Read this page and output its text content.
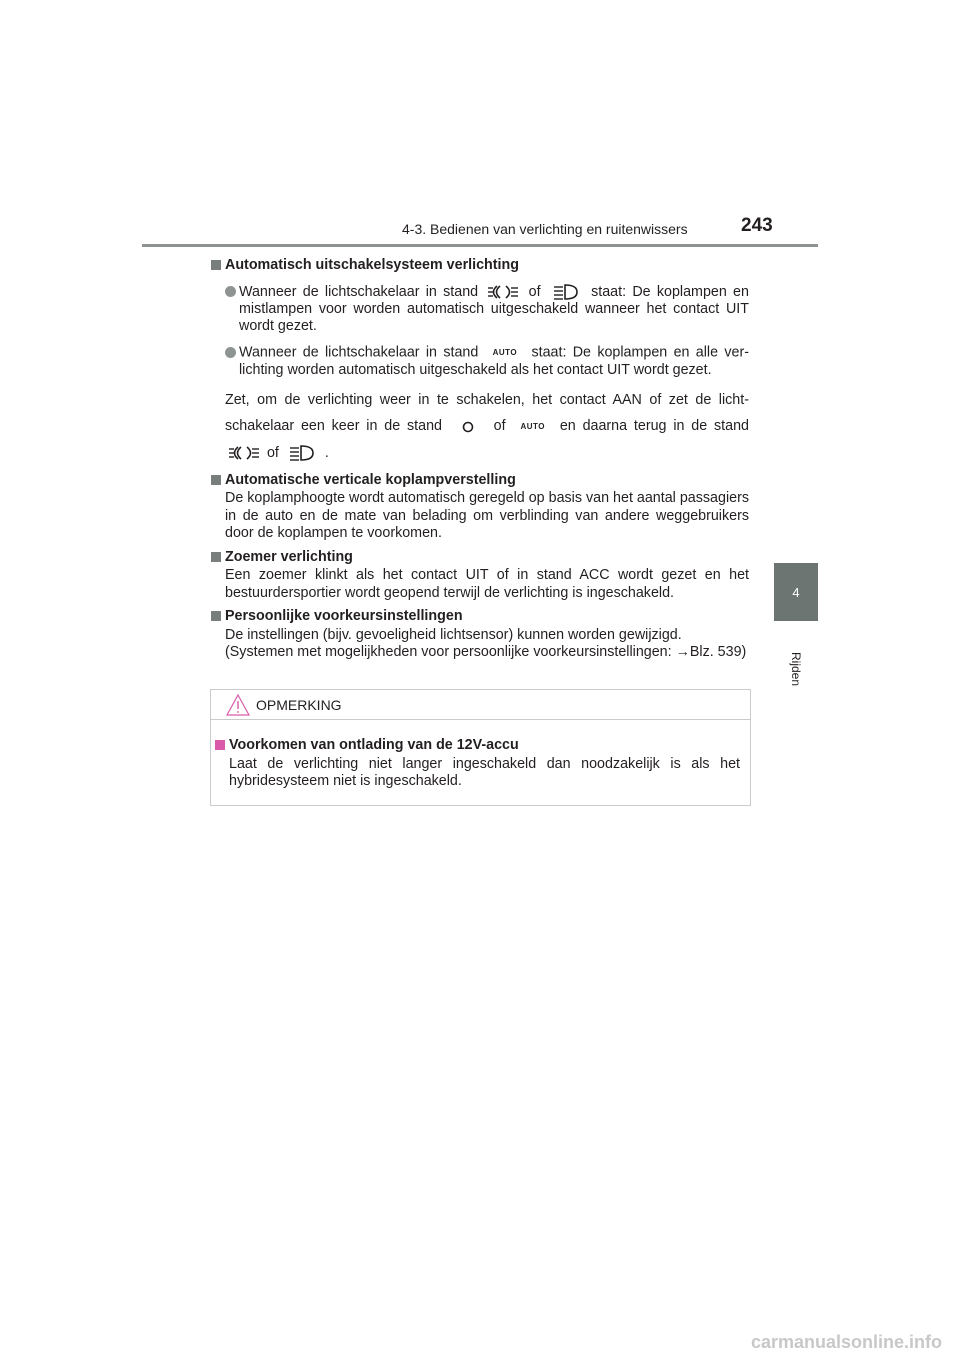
4-3. Bedienen van verlichting en ruitenwissers	243
4
Rijden
Automatisch uitschakelsysteem verlichting
Wanneer de lichtschakelaar in stand	of	staat: De koplampen en mistlampen voor worden automatisch uitgeschakeld wanneer het contact UIT wordt gezet.
Wanneer de lichtschakelaar in stand AUTO staat: De koplampen en alle ver-lichting worden automatisch uitgeschakeld als het contact UIT wordt gezet.
Zet, om de verlichting weer in te schakelen, het contact AAN of zet de licht-schakelaar een keer in de stand	of AUTO en daarna terug in de stand  of	.
Automatische verticale koplampverstelling
De koplamphoogte wordt automatisch geregeld op basis van het aantal passagiers in de auto en de mate van belading om verblinding van andere weggebruikers door de koplampen te voorkomen.
Zoemer verlichting
Een zoemer klinkt als het contact UIT of in stand ACC wordt gezet en het bestuurdersportier wordt geopend terwijl de verlichting is ingeschakeld.
Persoonlijke voorkeursinstellingen
De instellingen (bijv. gevoeligheid lichtsensor) kunnen worden gewijzigd.
(Systemen met mogelijkheden voor persoonlijke voorkeursinstellingen: →Blz. 539)
OPMERKING
Voorkomen van ontlading van de 12V-accu
Laat de verlichting niet langer ingeschakeld dan noodzakelijk is als het hybridesysteem niet is ingeschakeld.
carmanualsonline.info
